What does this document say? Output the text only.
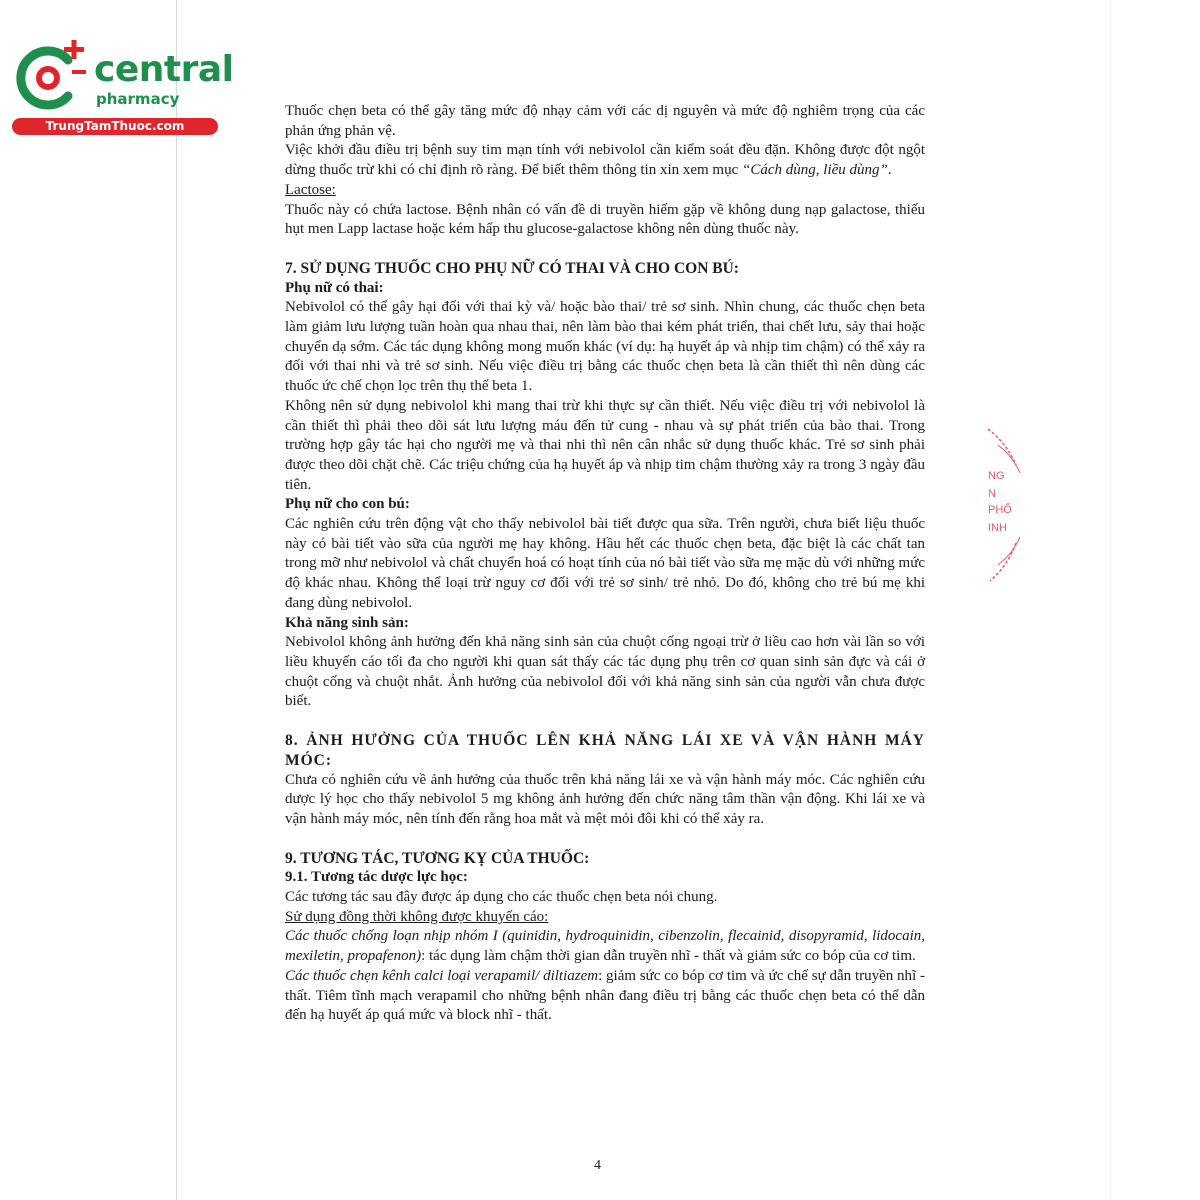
central
pharmacy
TrungTamThuoc.com

Thuốc chẹn beta có thể gây tăng mức độ nhạy cảm với các dị nguyên và mức độ nghiêm trọng của các phản ứng phản vệ.

Việc khởi đầu điều trị bệnh suy tim mạn tính với nebivolol cần kiểm soát đều đặn. Không được đột ngột dừng thuốc trừ khi có chỉ định rõ ràng. Để biết thêm thông tin xin xem mục “Cách dùng, liều dùng”.

Lactose:

Thuốc này có chứa lactose. Bệnh nhân có vấn đề di truyền hiếm gặp về không dung nạp galactose, thiếu hụt men Lapp lactase hoặc kém hấp thu glucose-galactose không nên dùng thuốc này.

7. SỬ DỤNG THUỐC CHO PHỤ NỮ CÓ THAI VÀ CHO CON BÚ:

Phụ nữ có thai:

Nebivolol có thể gây hại đối với thai kỳ và/ hoặc bào thai/ trẻ sơ sinh. Nhìn chung, các thuốc chẹn beta làm giảm lưu lượng tuần hoàn qua nhau thai, nên làm bào thai kém phát triển, thai chết lưu, sảy thai hoặc chuyển dạ sớm. Các tác dụng không mong muốn khác (ví dụ: hạ huyết áp và nhịp tim chậm) có thể xảy ra đối với thai nhi và trẻ sơ sinh. Nếu việc điều trị bằng các thuốc chẹn beta là cần thiết thì nên dùng các thuốc ức chế chọn lọc trên thụ thể beta 1.

Không nên sử dụng nebivolol khi mang thai trừ khi thực sự cần thiết. Nếu việc điều trị với nebivolol là cần thiết thì phải theo dõi sát lưu lượng máu đến tử cung - nhau và sự phát triển của bào thai. Trong trường hợp gây tác hại cho người mẹ và thai nhi thì nên cân nhắc sử dụng thuốc khác. Trẻ sơ sinh phải được theo dõi chặt chẽ. Các triệu chứng của hạ huyết áp và nhịp tim chậm thường xảy ra trong 3 ngày đầu tiên.

Phụ nữ cho con bú:

Các nghiên cứu trên động vật cho thấy nebivolol bài tiết được qua sữa. Trên người, chưa biết liệu thuốc này có bài tiết vào sữa của người mẹ hay không. Hầu hết các thuốc chẹn beta, đặc biệt là các chất tan trong mỡ như nebivolol và chất chuyển hoá có hoạt tính của nó bài tiết vào sữa mẹ mặc dù với những mức độ khác nhau. Không thể loại trừ nguy cơ đối với trẻ sơ sinh/ trẻ nhỏ. Do đó, không cho trẻ bú mẹ khi đang dùng nebivolol.

Khả năng sinh sản:

Nebivolol không ảnh hưởng đến khả năng sinh sản của chuột cống ngoại trừ ở liều cao hơn vài lần so với liều khuyến cáo tối đa cho người khi quan sát thấy các tác dụng phụ trên cơ quan sinh sản đực và cái ở chuột cống và chuột nhắt. Ảnh hưởng của nebivolol đối với khả năng sinh sản của người vẫn chưa được biết.

8. ẢNH HƯỞNG CỦA THUỐC LÊN KHẢ NĂNG LÁI XE VÀ VẬN HÀNH MÁY MÓC:

Chưa có nghiên cứu về ảnh hưởng của thuốc trên khả năng lái xe và vận hành máy móc. Các nghiên cứu dược lý học cho thấy nebivolol 5 mg không ảnh hưởng đến chức năng tâm thần vận động. Khi lái xe và vận hành máy móc, nên tính đến rằng hoa mắt và mệt mỏi đôi khi có thể xảy ra.

9. TƯƠNG TÁC, TƯƠNG KỴ CỦA THUỐC:

9.1. Tương tác dược lực học:

Các tương tác sau đây được áp dụng cho các thuốc chẹn beta nói chung.

Sử dụng đồng thời không được khuyến cáo:

Các thuốc chống loạn nhịp nhóm I (quinidin, hydroquinidin, cibenzolin, flecainid, disopyramid, lidocain, mexiletin, propafenon): tác dụng làm chậm thời gian dẫn truyền nhĩ - thất và giảm sức co bóp của cơ tim.

Các thuốc chẹn kênh calci loại verapamil/ diltiazem: giảm sức co bóp cơ tim và ức chế sự dẫn truyền nhĩ - thất. Tiêm tĩnh mạch verapamil cho những bệnh nhân đang điều trị bằng các thuốc chẹn beta có thể dẫn đến hạ huyết áp quá mức và block nhĩ - thất.

NG
N
PHỐ
INH
4
